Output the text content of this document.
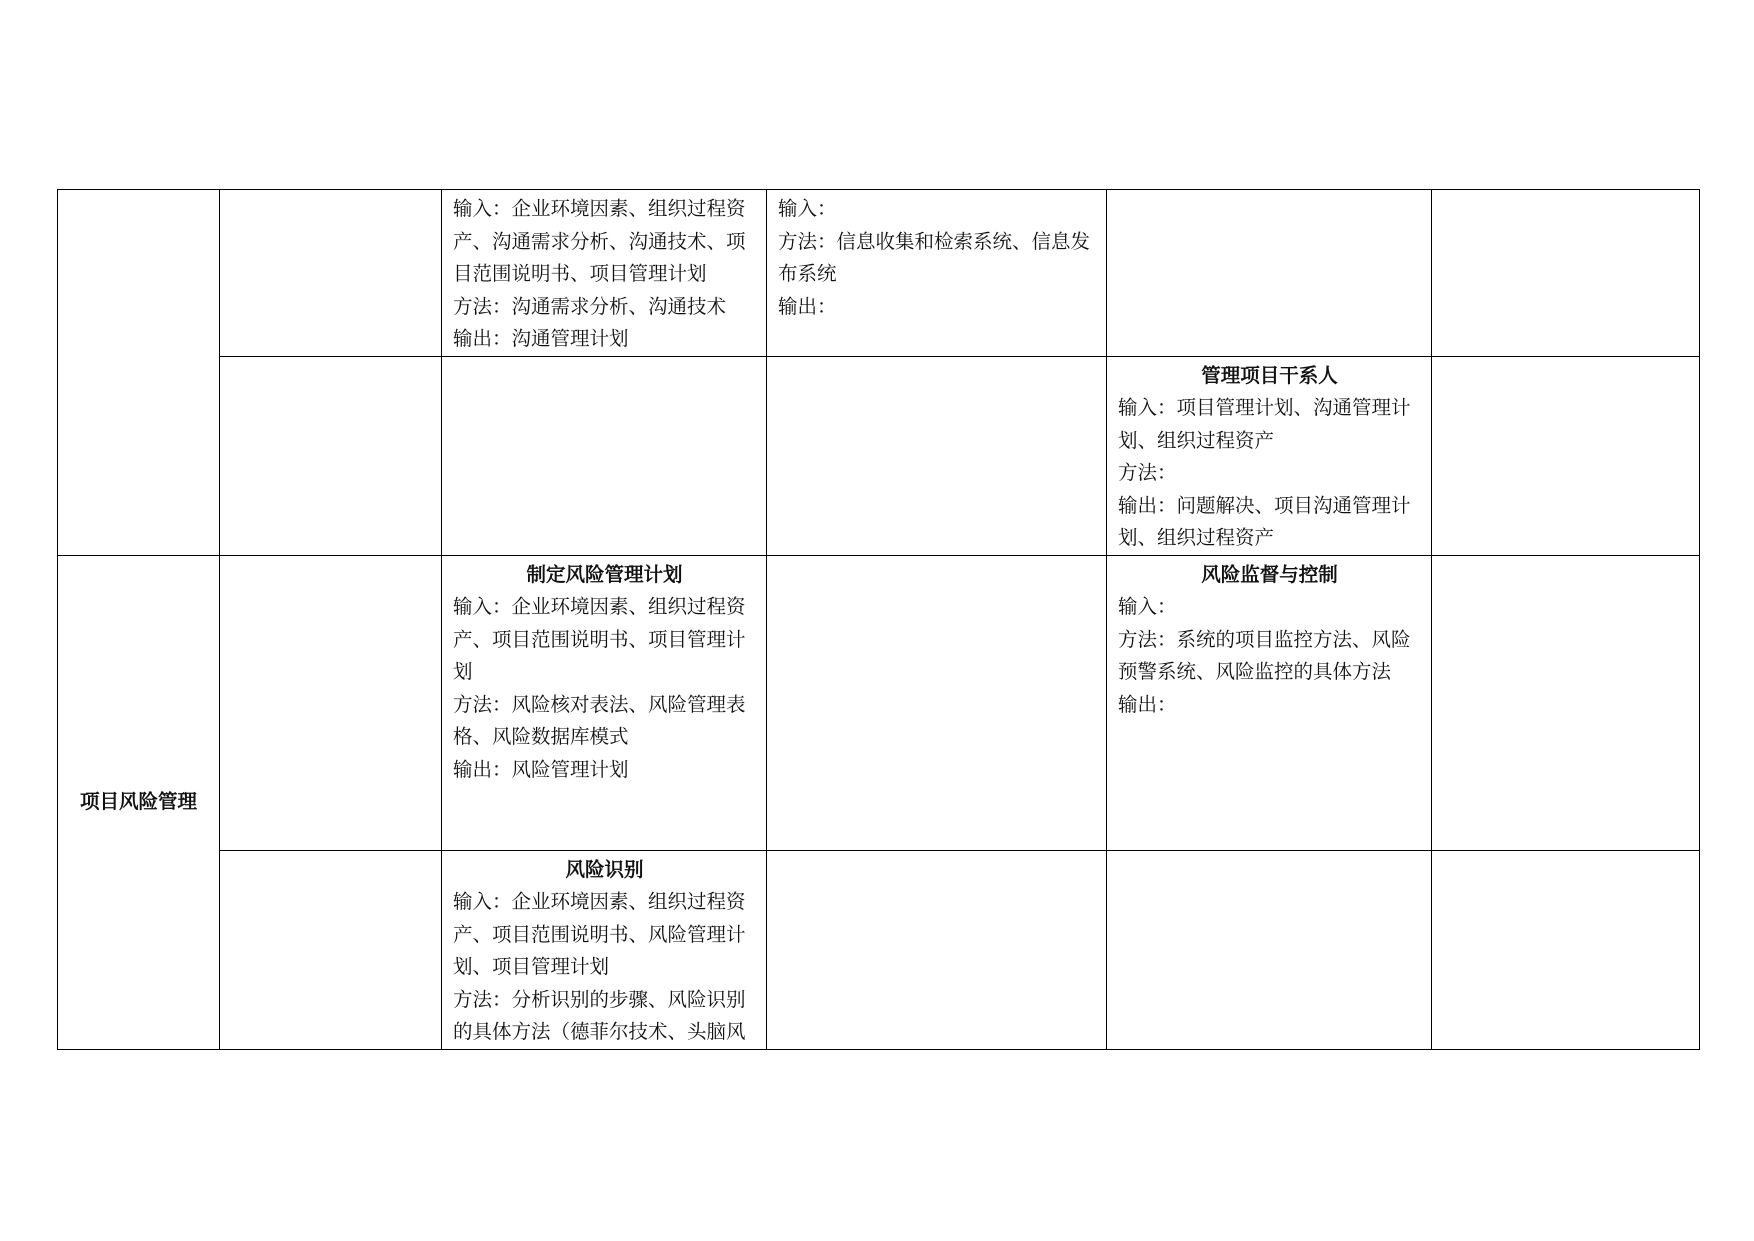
		输入：企业环境因素、组织过程资产、沟通需求分析、沟通技术、项目范围说明书、项目管理计划
方法：沟通需求分析、沟通技术
输出：沟通管理计划	输入：
方法：信息收集和检索系统、信息发布系统
输出：		

				管理项目干系人
输入：项目管理计划、沟通管理计划、组织过程资产
方法：
输出：问题解决、项目沟通管理计划、组织过程资产	

项目风险管理		制定风险管理计划
输入：企业环境因素、组织过程资产、项目范围说明书、项目管理计划
方法：风险核对表法、风险管理表格、风险数据库模式
输出：风险管理计划		风险监督与控制
输入：
方法：系统的项目监控方法、风险预警系统、风险监控的具体方法
输出：	

		风险识别
输入：企业环境因素、组织过程资产、项目范围说明书、风险管理计划、项目管理计划
方法：分析识别的步骤、风险识别的具体方法（德菲尔技术、头脑风			
